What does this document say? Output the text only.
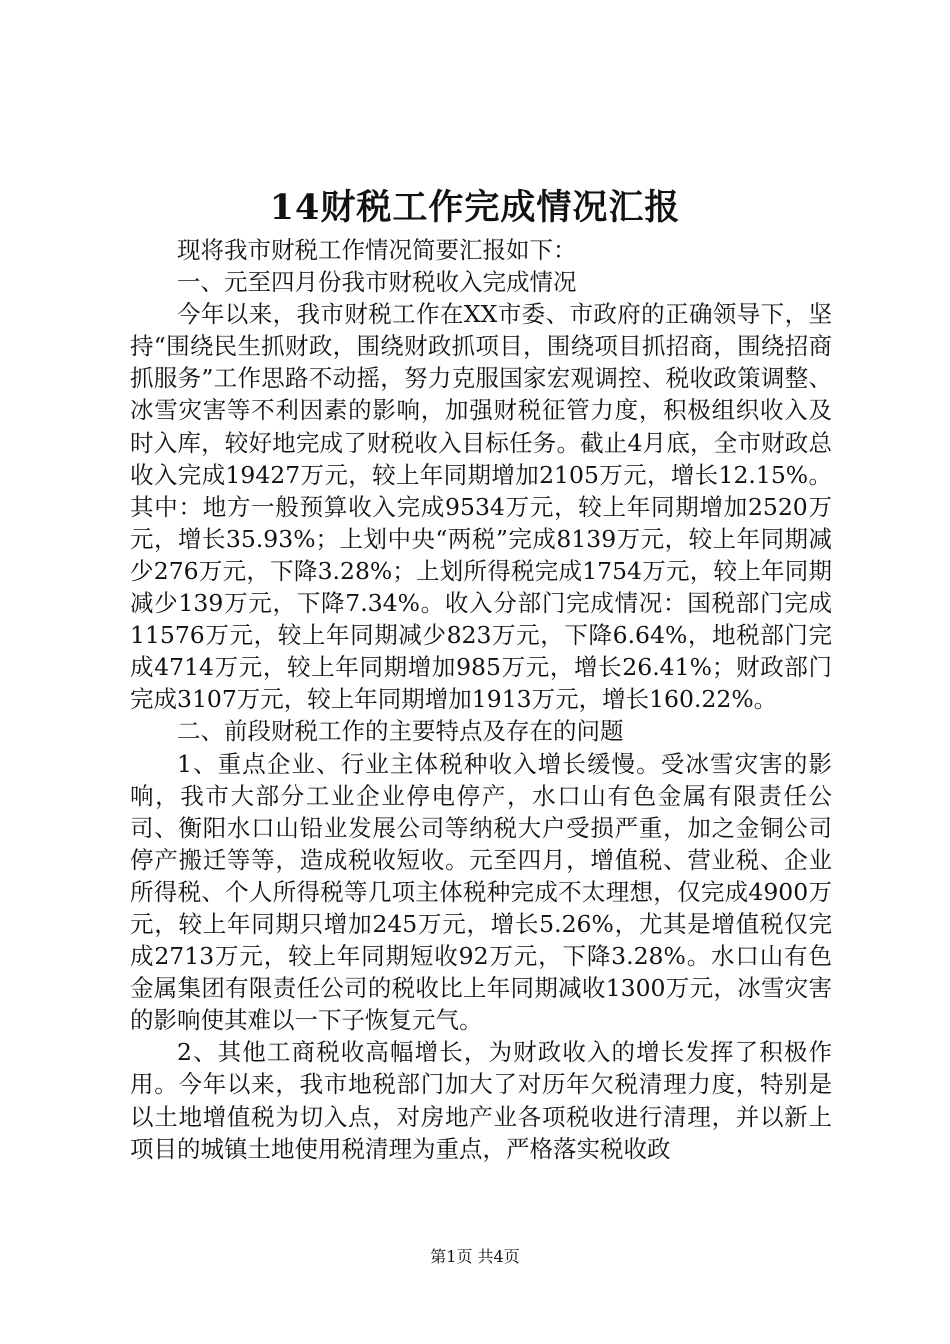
14财税工作完成情况汇报

现将我市财税工作情况简要汇报如下：

一、元至四月份我市财税收入完成情况

今年以来，我市财税工作在XX市委、市政府的正确领导下，坚持“围绕民生抓财政，围绕财政抓项目，围绕项目抓招商，围绕招商抓服务”工作思路不动摇，努力克服国家宏观调控、税收政策调整、冰雪灾害等不利因素的影响，加强财税征管力度，积极组织收入及时入库，较好地完成了财税收入目标任务。截止4月底，全市财政总收入完成19427万元，较上年同期增加2105万元，增长12.15%。其中：地方一般预算收入完成9534万元，较上年同期增加2520万元，增长35.93%；上划中央“两税”完成8139万元，较上年同期减少276万元，下降3.28%；上划所得税完成1754万元，较上年同期减少139万元，下降7.34%。收入分部门完成情况：国税部门完成11576万元，较上年同期减少823万元，下降6.64%，地税部门完成4714万元，较上年同期增加985万元，增长26.41%；财政部门完成3107万元，较上年同期增加1913万元，增长160.22%。

二、前段财税工作的主要特点及存在的问题

1、重点企业、行业主体税种收入增长缓慢。受冰雪灾害的影响，我市大部分工业企业停电停产，水口山有色金属有限责任公司、衡阳水口山铅业发展公司等纳税大户受损严重，加之金铜公司停产搬迁等等，造成税收短收。元至四月，增值税、营业税、企业所得税、个人所得税等几项主体税种完成不太理想，仅完成4900万元，较上年同期只增加245万元，增长5.26%，尤其是增值税仅完成2713万元，较上年同期短收92万元，下降3.28%。水口山有色金属集团有限责任公司的税收比上年同期减收1300万元，冰雪灾害的影响使其难以一下子恢复元气。

2、其他工商税收高幅增长，为财政收入的增长发挥了积极作用。今年以来，我市地税部门加大了对历年欠税清理力度，特别是以土地增值税为切入点，对房地产业各项税收进行清理，并以新上项目的城镇土地使用税清理为重点，严格落实税收政

第1页 共4页
